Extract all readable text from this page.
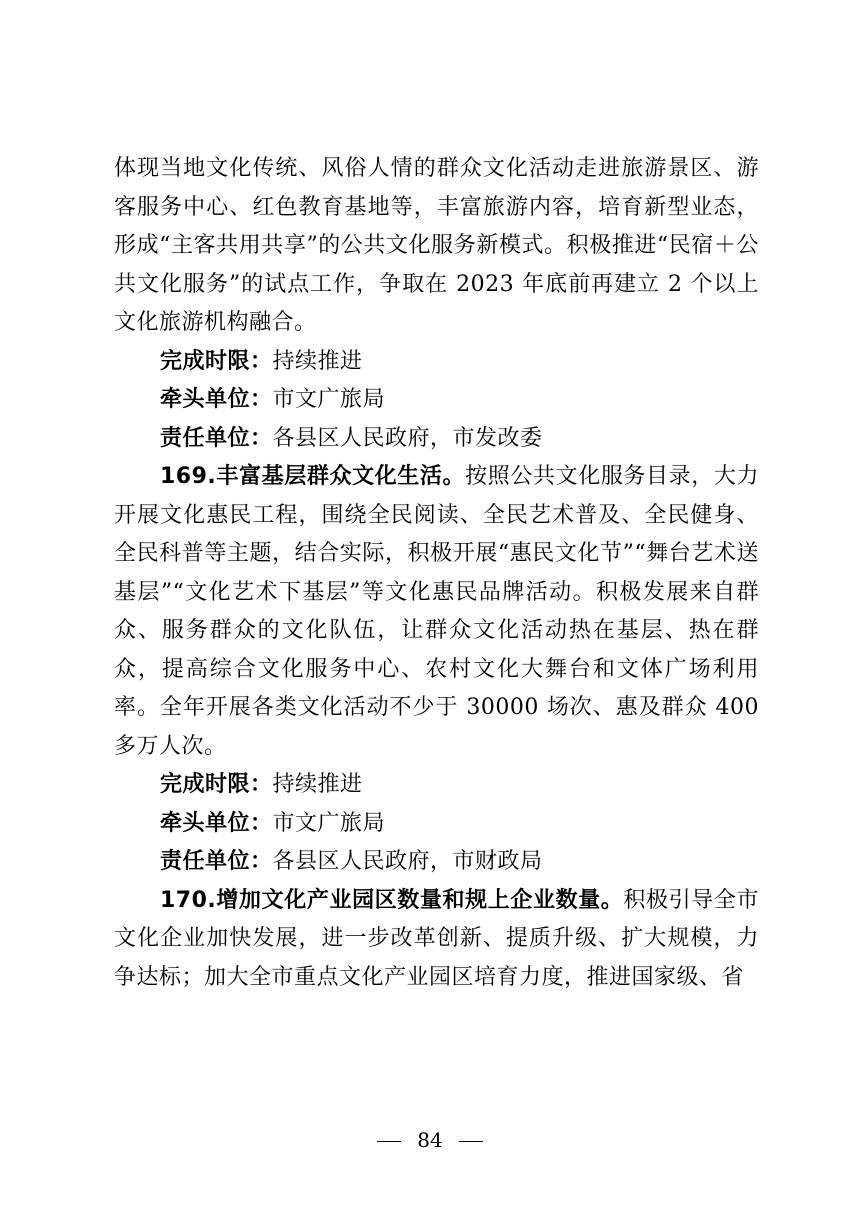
体现当地文化传统、风俗人情的群众文化活动走进旅游景区、游客服务中心、红色教育基地等，丰富旅游内容，培育新型业态，形成“主客共用共享”的公共文化服务新模式。积极推进“民宿＋公共文化服务”的试点工作，争取在 2023 年底前再建立 2 个以上文化旅游机构融合。

完成时限：持续推进

牵头单位：市文广旅局

责任单位：各县区人民政府，市发改委

169.丰富基层群众文化生活。按照公共文化服务目录，大力开展文化惠民工程，围绕全民阅读、全民艺术普及、全民健身、全民科普等主题，结合实际，积极开展“惠民文化节”“舞台艺术送基层”“文化艺术下基层”等文化惠民品牌活动。积极发展来自群众、服务群众的文化队伍，让群众文化活动热在基层、热在群众，提高综合文化服务中心、农村文化大舞台和文体广场利用率。全年开展各类文化活动不少于 30000 场次、惠及群众 400 多万人次。

完成时限：持续推进

牵头单位：市文广旅局

责任单位：各县区人民政府，市财政局

170.增加文化产业园区数量和规上企业数量。积极引导全市文化企业加快发展，进一步改革创新、提质升级、扩大规模，力争达标；加大全市重点文化产业园区培育力度，推进国家级、省

84
